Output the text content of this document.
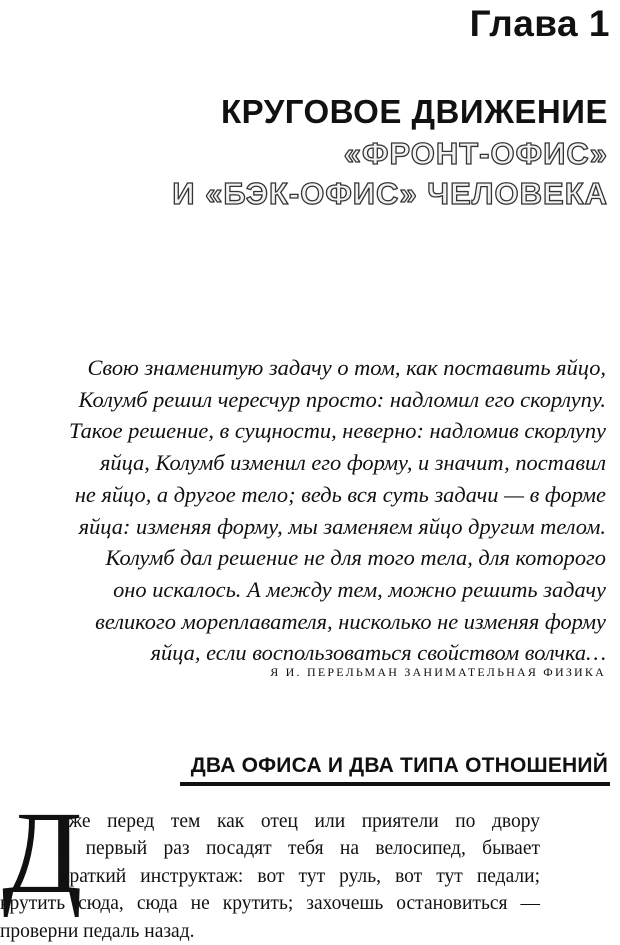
Глава 1
КРУГОВОЕ ДВИЖЕНИЕ
«ФРОНТ-ОФИС»
И «БЭК-ОФИС» ЧЕЛОВЕКА

Свою знаменитую задачу о том, как поставить яйцо,
Колумб решил чересчур просто: надломил его скорлупу.
Такое решение, в сущности, неверно: надломив скорлупу
яйца, Колумб изменил его форму, и значит, поставил
не яйцо, а другое тело; ведь вся суть задачи — в форме
яйца: изменяя форму, мы заменяем яйцо другим телом.
Колумб дал решение не для того тела, для которого
оно искалось. А между тем, можно решить задачу
великого мореплавателя, нисколько не изменяя форму
яйца, если воспользоваться свойством волчка…

Я И. ПЕРЕЛЬМАН ЗАНИМАТЕЛЬНАЯ ФИЗИКА

ДВА ОФИСА И ДВА ТИПА ОТНОШЕНИЙ
Д

аже перед тем как отец или приятели по двору
в первый раз посадят тебя на велосипед, бывает
краткий инструктаж: вот тут руль, вот тут педали;
крутить сюда, сюда не крутить; захочешь остановиться —
проверни педаль назад.
